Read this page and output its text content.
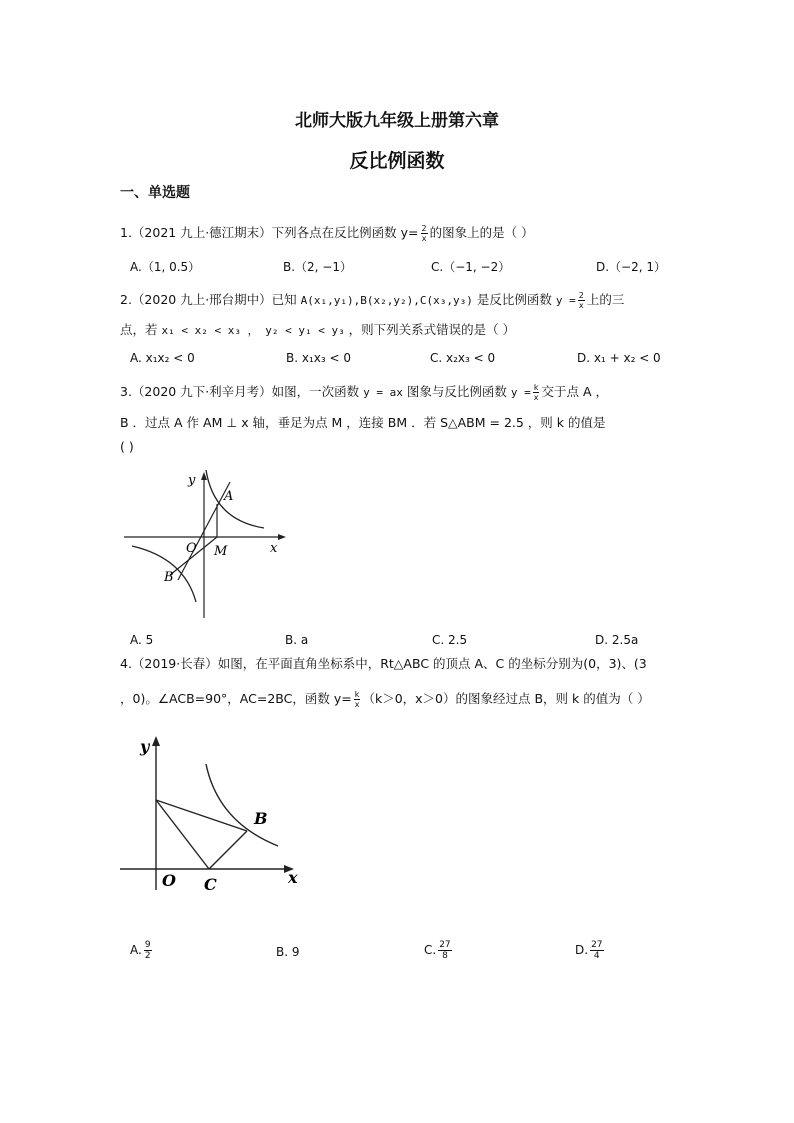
北师大版九年级上册第六章
反比例函数
一、单选题
1.（2021 九上·德江期末）下列各点在反比例函数 $y= \frac{2}{x}$ 的图象上的是（ ）
A.（1, 0.5）	B.（2, −1）	C.（−1, −2）	D.（−2, 1）
2.（2020 九上·邢台期中）已知 A(x₁,y₁),B(x₂,y₂),C(x₃,y₃) 是反比例函数 $y = \frac{2}{x}$ 上的三
点，若 x₁ < x₂ < x₃ ， y₂ < y₁ < y₃ ，则下列关系式错误的是（ ）
A. x₁x₂ < 0	B. x₁x₃ < 0	C. x₂x₃ < 0	D. x₁ + x₂ < 0
3.（2020 九下·利辛月考）如图，一次函数 y = ax 图象与反比例函数 $y = \frac{k}{x}$ 交于点 A ，
B ．过点 A 作 AM ⊥ x 轴，垂足为点 M ，连接 BM ．若 S△ABM = 2.5 ，则 k 的值是
( )
y
A
O M	x
B
A. 5	B. a	C. 2.5	D. 2.5a
4.（2019·长春）如图，在平面直角坐标系中，Rt△ABC 的顶点 A、C 的坐标分别为(0，3)、(3
，0)。∠ACB=90°，AC=2BC，函数 $y= \frac{k}{x} (k>0$，x＞0）的图象经过点 B，则 k 的值为（ ）
y
B
O C	x
A. $\frac{9}{2}$	B. 9	C. $\frac{27}{8}$	D. $\frac{27}{4}$
